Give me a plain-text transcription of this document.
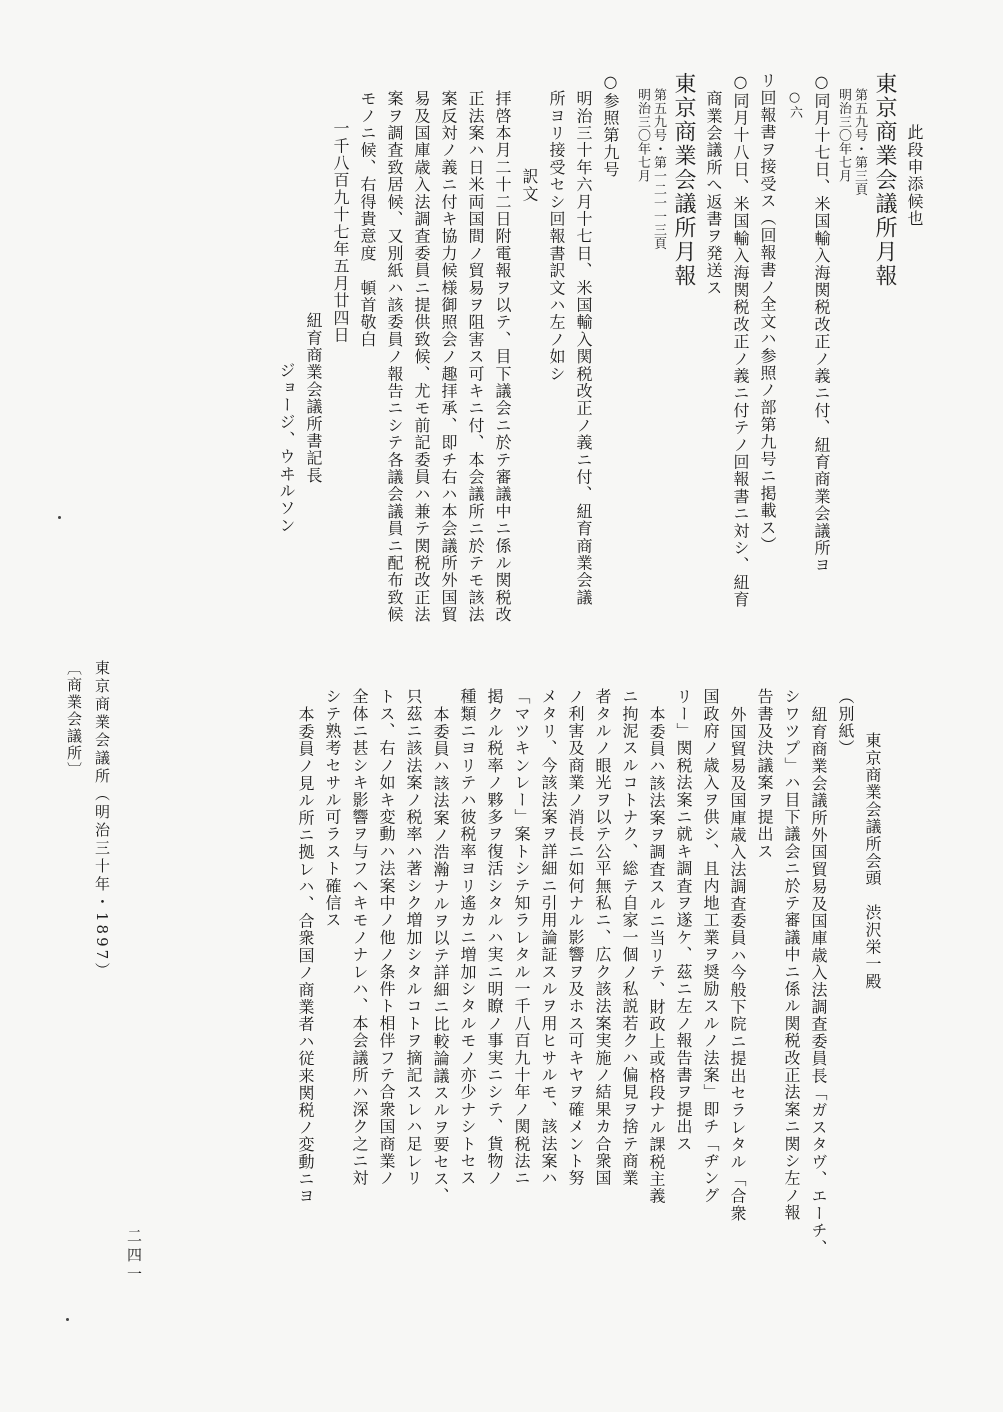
此段申添候也
東京商業会議所月報
第五九号・第三頁
明治三〇年七月
○同月十七日、米国輸入海関税改正ノ義ニ付、紐育商業会議所ヨ
○六
リ回報書ヲ接受ス（回報書ノ全文ハ参照ノ部第九号ニ掲載ス）
○同月十八日、米国輸入海関税改正ノ義ニ付テノ回報書ニ対シ、紐育
商業会議所へ返書ヲ発送ス
東京商業会議所月報
第五九号・第一二一一三頁
明治三〇年七月
○参照第九号
明治三十年六月十七日、米国輸入関税改正ノ義ニ付、紐育商業会議
所ヨリ接受セシ回報書訳文ハ左ノ如シ
訳文
拝啓本月二十二日附電報ヲ以テ、目下議会ニ於テ審議中ニ係ル関税改
正法案ハ日米両国間ノ貿易ヲ阻害ス可キニ付、本会議所ニ於テモ該法
案反対ノ義ニ付キ協力候様御照会ノ趣拝承、即チ右ハ本会議所外国貿
易及国庫歳入法調査委員ニ提供致候、尤モ前記委員ハ兼テ関税改正法
案ヲ調査致居候、又別紙ハ該委員ノ報告ニシテ各議会議員ニ配布致候
モノニ候、右得貴意度　頓首敬白
一千八百九十七年五月廿四日
紐育商業会議所書記長
ジョージ、ウヰルソン
〔商業会議所〕 東京商業会議所（明治三十年・1897）	東京商業会議所会頭　渋沢栄一殿
（別紙）
紐育商業会議所外国貿易及国庫歳入法調査委員長「ガスタヴ、エーチ、
シワツプ」ハ目下議会ニ於テ審議中ニ係ル関税改正法案ニ関シ左ノ報
告書及決議案ヲ提出ス
外国貿易及国庫歳入法調査委員ハ今般下院ニ提出セラレタル「合衆
国政府ノ歳入ヲ供シ、且内地工業ヲ奨励スルノ法案」即チ「ヂング
リー」関税法案ニ就キ調査ヲ遂ケ、茲ニ左ノ報告書ヲ提出ス
本委員ハ該法案ヲ調査スルニ当リテ、財政上或格段ナル課税主義
ニ拘泥スルコトナク、総テ自家一個ノ私説若クハ偏見ヲ捨テ商業
者タルノ眼光ヲ以テ公平無私ニ、広ク該法案実施ノ結果カ合衆国
ノ利害及商業ノ消長ニ如何ナル影響ヲ及ホス可キヤヲ確メント努
メタリ、今該法案ヲ詳細ニ引用論証スルヲ用ヒサルモ、該法案ハ
「マツキンレー」案トシテ知ラレタル一千八百九十年ノ関税法ニ
掲クル税率ノ夥多ヲ復活シタルハ実ニ明瞭ノ事実ニシテ、貨物ノ
種類ニヨリテハ彼税率ヨリ遙カニ増加シタルモノ亦少ナシトセス
本委員ハ該法案ノ浩瀚ナルヲ以テ詳細ニ比較論議スルヲ要セス、
只茲ニ該法案ノ税率ハ著シク増加シタルコトヲ摘記スレハ足レリ
トス、右ノ如キ変動ハ法案中ノ他ノ条件ト相伴フテ合衆国商業ノ
全体ニ甚シキ影響ヲ与フヘキモノナレハ、本会議所ハ深ク之ニ対
シテ熟考セサル可ラスト確信ス
本委員ノ見ル所ニ拠レハ、合衆国ノ商業者ハ従来関税ノ変動ニヨ
二四一
